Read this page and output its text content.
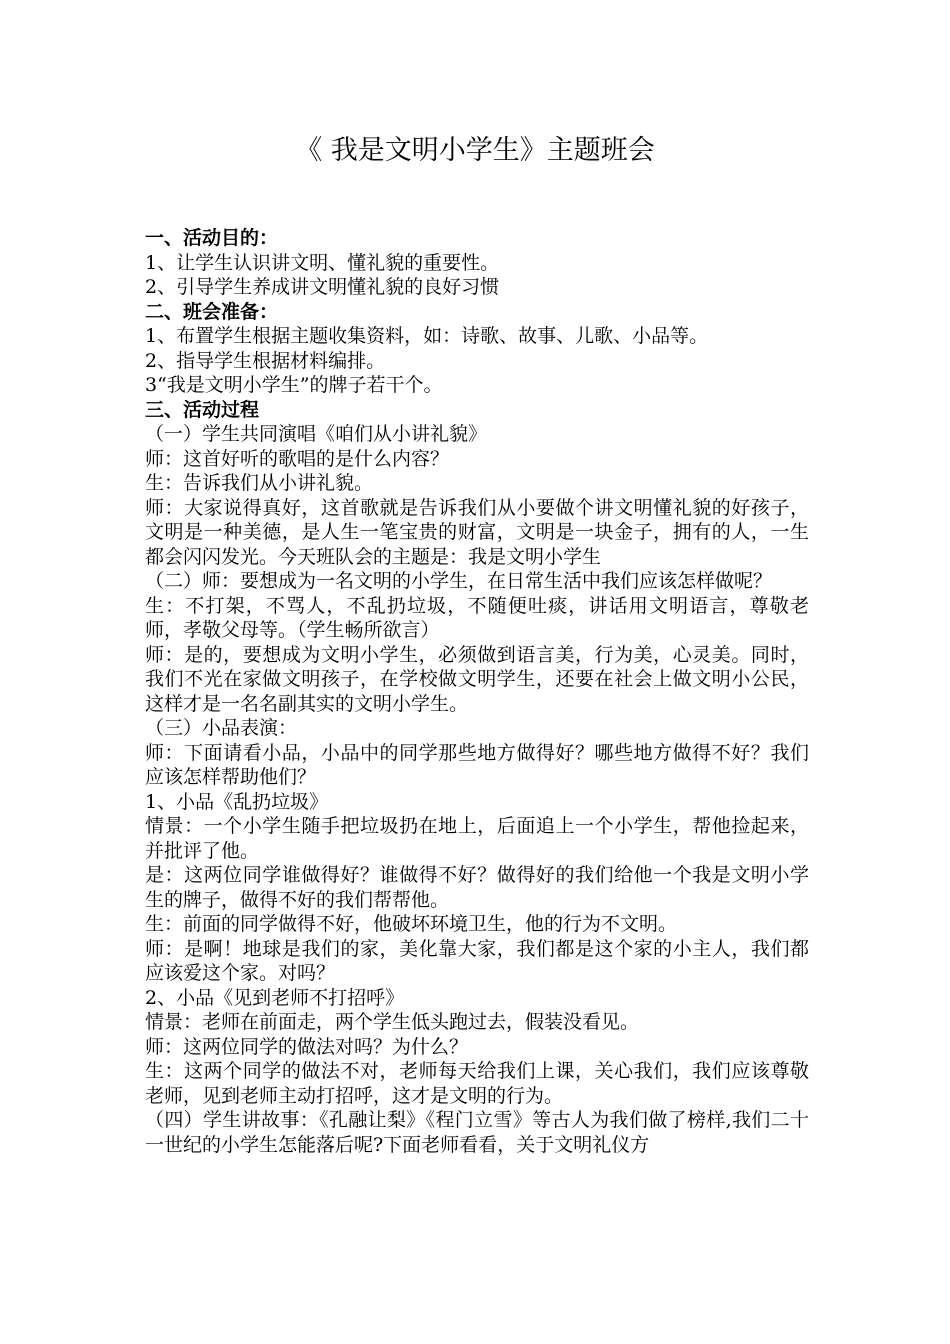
《 我是文明小学生》主题班会

一、活动目的：

1、让学生认识讲文明、懂礼貌的重要性。

2、引导学生养成讲文明懂礼貌的良好习惯

二、班会准备：

1、布置学生根据主题收集资料，如：诗歌、故事、儿歌、小品等。

2、指导学生根据材料编排。

3“我是文明小学生”的牌子若干个。

三、活动过程

（一）学生共同演唱《咱们从小讲礼貌》

师：这首好听的歌唱的是什么内容？

生：告诉我们从小讲礼貌。

师：大家说得真好，这首歌就是告诉我们从小要做个讲文明懂礼貌的好孩子，文明是一种美德，是人生一笔宝贵的财富，文明是一块金子，拥有的人，一生都会闪闪发光。今天班队会的主题是：我是文明小学生

（二）师：要想成为一名文明的小学生，在日常生活中我们应该怎样做呢？

生：不打架，不骂人，不乱扔垃圾，不随便吐痰，讲话用文明语言，尊敬老师，孝敬父母等。（学生畅所欲言）

师：是的，要想成为文明小学生，必须做到语言美，行为美，心灵美。同时，我们不光在家做文明孩子，在学校做文明学生，还要在社会上做文明小公民，这样才是一名名副其实的文明小学生。

（三）小品表演：

师：下面请看小品，小品中的同学那些地方做得好？哪些地方做得不好？我们应该怎样帮助他们？

1、小品《乱扔垃圾》

情景：一个小学生随手把垃圾扔在地上，后面追上一个小学生，帮他捡起来，并批评了他。

是：这两位同学谁做得好？谁做得不好？做得好的我们给他一个我是文明小学生的牌子，做得不好的我们帮帮他。

生：前面的同学做得不好，他破坏环境卫生，他的行为不文明。

师：是啊！地球是我们的家，美化靠大家，我们都是这个家的小主人，我们都应该爱这个家。对吗？

2、小品《见到老师不打招呼》

情景：老师在前面走，两个学生低头跑过去，假装没看见。

师：这两位同学的做法对吗？为什么？

生：这两个同学的做法不对，老师每天给我们上课，关心我们，我们应该尊敬老师，见到老师主动打招呼，这才是文明的行为。

（四）学生讲故事：《孔融让梨》《程门立雪》等古人为我们做了榜样,我们二十一世纪的小学生怎能落后呢?下面老师看看，关于文明礼仪方
